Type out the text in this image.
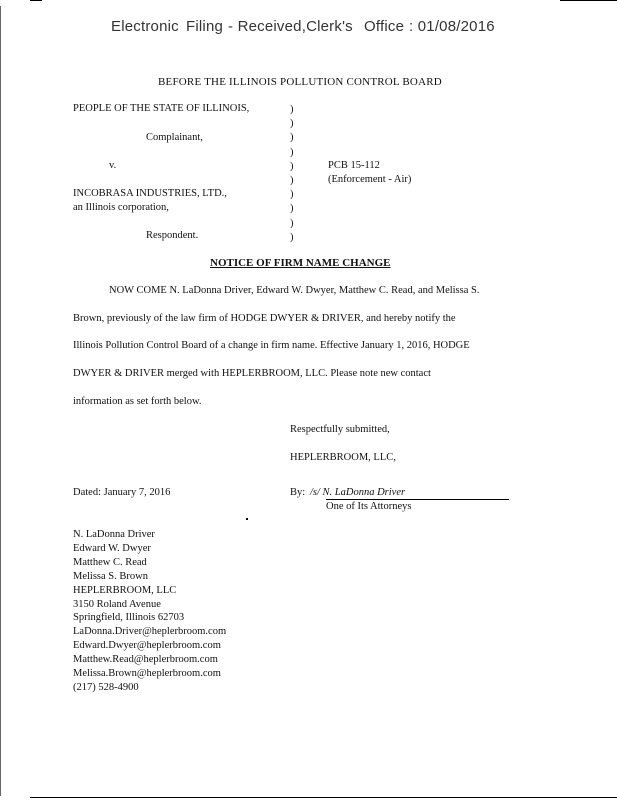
Electronic Filing - Received,Clerk's Office : 01/08/2016
BEFORE THE ILLINOIS POLLUTION CONTROL BOARD
PEOPLE OF THE STATE OF ILLINOIS,
Complainant,
v.
INCOBRASA INDUSTRIES, LTD.,
an Illinois corporation,
Respondent.
)
)
)
)
)
)
)
)
)
)
PCB 15-112
(Enforcement - Air)
NOTICE OF FIRM NAME CHANGE
NOW COME N. LaDonna Driver, Edward W. Dwyer, Matthew C. Read, and Melissa S.
Brown, previously of the law firm of HODGE DWYER & DRIVER, and hereby notify the
Illinois Pollution Control Board of a change in firm name. Effective January 1, 2016, HODGE
DWYER & DRIVER merged with HEPLERBROOM, LLC. Please note new contact
information as set forth below.
Respectfully submitted,
HEPLERBROOM, LLC,
Dated: January 7, 2016	By: /s/ N. LaDonna Driver
One of Its Attorneys
N. LaDonna Driver
Edward W. Dwyer
Matthew C. Read
Melissa S. Brown
HEPLERBROOM, LLC
3150 Roland Avenue
Springfield, Illinois 62703
LaDonna.Driver@heplerbroom.com
Edward.Dwyer@heplerbroom.com
Matthew.Read@heplerbroom.com
Melissa.Brown@heplerbroom.com
(217) 528-4900
